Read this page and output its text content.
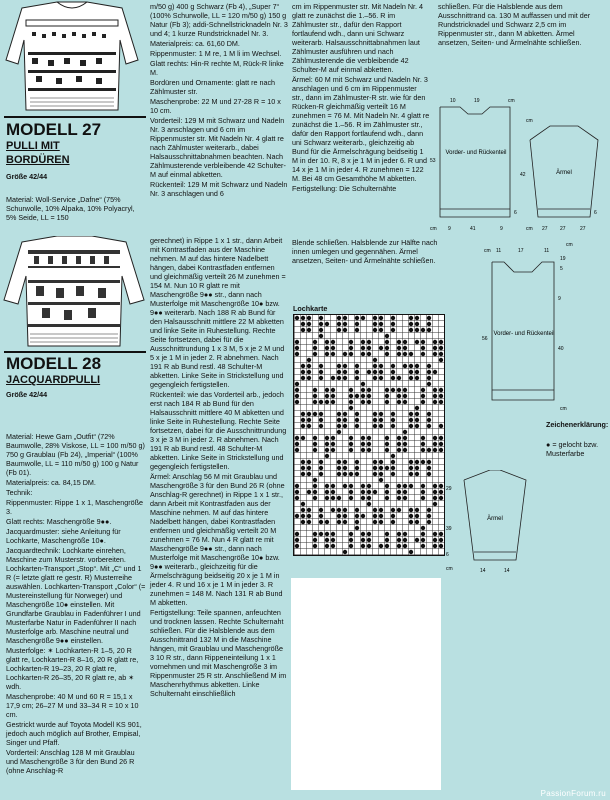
MODELL 27
PULLI MIT
BORDÜREN
Größe 42/44
Material: Woll-Service „Dafne“ (75% Schurwolle, 10% Alpaka, 10% Polyacryl, 5% Seide, LL = 150

m/50 g) 400 g Schwarz (Fb 4), „Super 7“ (100% Schurwolle, LL = 120 m/50 g) 150 g Natur (Fb 3); addi-Schnellstricknadeln Nr. 3 und 4; 1 kurze Rundstricknadel Nr. 3.

Materialpreis: ca. 61,60 DM.

Rippenmuster: 1 M re, 1 M li im Wechsel.

Glatt rechts: Hin-R rechte M, Rück-R linke M.

Bordüren und Ornamente: glatt re nach Zählmuster str.

Maschenprobe: 22 M und 27-28 R = 10 x 10 cm.

Vorderteil: 129 M mit Schwarz und Nadeln Nr. 3 anschlagen und 6 cm im Rippenmuster str. Mit Nadeln Nr. 4 glatt re nach Zählmuster weiterarb., dabei Halsausschnittabnahmen beachten. Nach Zählmusterende verbleibende 42 Schulter-M auf einmal abketten.

Rückenteil: 129 M mit Schwarz und Nadeln Nr. 3 anschlagen und 6

cm im Rippenmuster str. Mit Nadeln Nr. 4 glatt re zunächst die 1.–56. R im Zählmuster str., dafür den Rapport fortlaufend wdh., dann uni Schwarz weiterarb. Halsausschnittabnahmen laut Zählmuster ausführen und nach Zählmusterende die verbleibende 42 Schulter-M auf einmal abketten.

Ärmel: 60 M mit Schwarz und Nadeln Nr. 3 anschlagen und 6 cm im Rippenmuster str., dann im Zählmuster-R str. wie für den Rücken-R gleichmäßig verteilt 16 M zunehmen = 76 M. Mit Nadeln Nr. 4 glatt re zunächst die 1.–56. R im Zählmuster str., dafür den Rapport fortlaufend wdh., dann uni Schwarz weiterarb., gleichzeitig ab Bund für die Ärmelschrägung beidseitig 1 M in der 10. R, 8 x je 1 M in jeder 6. R und 14 x je 1 M in jeder 4. R zunehmen = 122 M. Bei 48 cm Gesamthöhe M abketten.

Fertigstellung: Die Schulternähte

schließen. Für die Halsblende aus dem Ausschnittrand ca. 130 M auffassen und mit der Rundstricknadel und Schwarz 2,5 cm im Rippenmuster str., dann M abketten. Ärmel ansetzen, Seiten- und Ärmelnähte schließen.

Vorder- und Rückenteil
Ärmel
10	19	cm
53
6
cm 9	41	9
cm
42
6
cm 27 27	27
MODELL 28
JACQUARDPULLI
Größe 42/44

Material: Hewe Garn „Outfit“ (72% Baumwolle, 28% Viskose, LL = 100 m/50 g) 750 g Graublau (Fb 24), „Imperial“ (100% Baumwolle, LL = 110 m/50 g) 100 g Natur (Fb 01).

Materialpreis: ca. 84,15 DM.

Technik:

Rippenmuster: Rippe 1 x 1, Maschengröße 3.

Glatt rechts: Maschengröße 9●●.

Jacquardmuster: siehe Anleitung für Lochkarte, Maschengröße 10●.

Jacquardtechnik: Lochkarte einrehen, Maschine zum Musterstr. vorbereiten. Lochkarten-Transport „Stop“. Mit „C“ und 1 R (= letzte glatt re gestr. R) Musterreihe auswählen. Lochkarten-Transport „Color“ (= Mustereinstellung für Norweger) und Maschengröße 10● einstellen. Mit Grundfarbe Graublau in Fadenführer I und Musterfarbe Natur in Fadenführer II nach Musterfolge arb. Maschine neutral und Maschengröße 9●● einstellen.

Musterfolge: ✶ Lochkarten-R 1–5, 20 R glatt re, Lochkarten-R 8–16, 20 R glatt re, Lochkarten-R 19–23, 20 R glatt re, Lochkarten-R 26–35, 20 R glatt re, ab ✶ wdh.

Maschenprobe: 40 M und 60 R = 15,1 x 17,9 cm; 26–27 M und 33–34 R = 10 x 10 cm.

Gestrickt wurde auf Toyota Modell KS 901, jedoch auch möglich auf Brother, Empisal, Singer und Pfaff.

Vorderteil: Anschlag 128 M mit Graublau und Maschengröße 3 für den Bund 26 R (ohne Anschlag-R

gerechnet) in Rippe 1 x 1 str., dann Arbeit mit Kontrastfaden aus der Maschine nehmen. M auf das hintere Nadelbett hängen, dabei Kontrastfaden entfernen und gleichmäßig verteilt 26 M zunehmen = 154 M. Nun 10 R glatt re mit Maschengröße 9●● str., dann nach Musterfolge mit Maschengröße 10● bzw. 9●● weiterarb. Nach 188 R ab Bund für den Halsausschnitt mittlere 22 M abketten und linke Seite in Ruhestellung. Rechte Seite fortsetzen, dabei für die Ausschnittrundung 1 x 3 M, 5 x je 2 M und 5 x je 1 M in jeder 2. R abnehmen. Nach 191 R ab Bund restl. 48 Schulter-M abketten. Linke Seite in Strickstellung und gegengleich fertigstellen.

Rückenteil: wie das Vorderteil arb., jedoch erst nach 184 R ab Bund für den Halsausschnitt mittlere 40 M abketten und linke Seite in Ruhestellung. Rechte Seite fortsetzen, dabei für die Ausschnittrundung 3 x je 3 M in jeder 2. R abnehmen. Nach 191 R ab Bund restl. 48 Schulter-M abketten. Linke Seite in Strickstellung und gegengleich fertigstellen.

Ärmel: Anschlag 56 M mit Graublau und Maschengröße 3 für den Bund 26 R (ohne Anschlag-R gerechnet) in Rippe 1 x 1 str., dann Arbeit mit Kontrastfaden aus der Maschine nehmen. M auf das hintere Nadelbett hängen, dabei Kontrastfaden entfernen und gleichmäßig verteilt 20 M zunehmen = 76 M. Nun 4 R glatt re mit Maschengröße 9●● str., dann nach Musterfolge mit Maschengröße 10● bzw. 9●● weiterarb., gleichzeitig für die Ärmelschrägung beidseitig 20 x je 1 M in jeder 4. R und 16 x je 1 M in jeder 3. R zunehmen = 148 M. Nach 131 R ab Bund M abketten.

Fertigstellung: Teile spannen, anfeuchten und trocknen lassen. Rechte Schulternaht schließen. Für die Halsblende aus dem Ausschnittrand 132 M in die Maschine hängen, mit Graublau und Maschengröße 3 10 R str., dann Rippeneinteilung 1 x 1 vornehmen und mit Maschengröße 3 im Rippenmuster 25 R str. Anschließend M im Maschenrhythmus abketten. Linke Schulternaht einschließlich

Blende schließen. Halsblende zur Hälfte nach innen umlegen und gegennähen. Ärmel ansetzen, Seiten- und Ärmelnähte schließen.

Lochkarte
Vorder- und Rückenteil
cm 11	17	11
19
cm
5
56
9
40
cm
Ärmel
29
39
6
cm	14	14
Zeichenerklärung:
● = gelocht bzw. Musterfarbe
PassionForum.ru
